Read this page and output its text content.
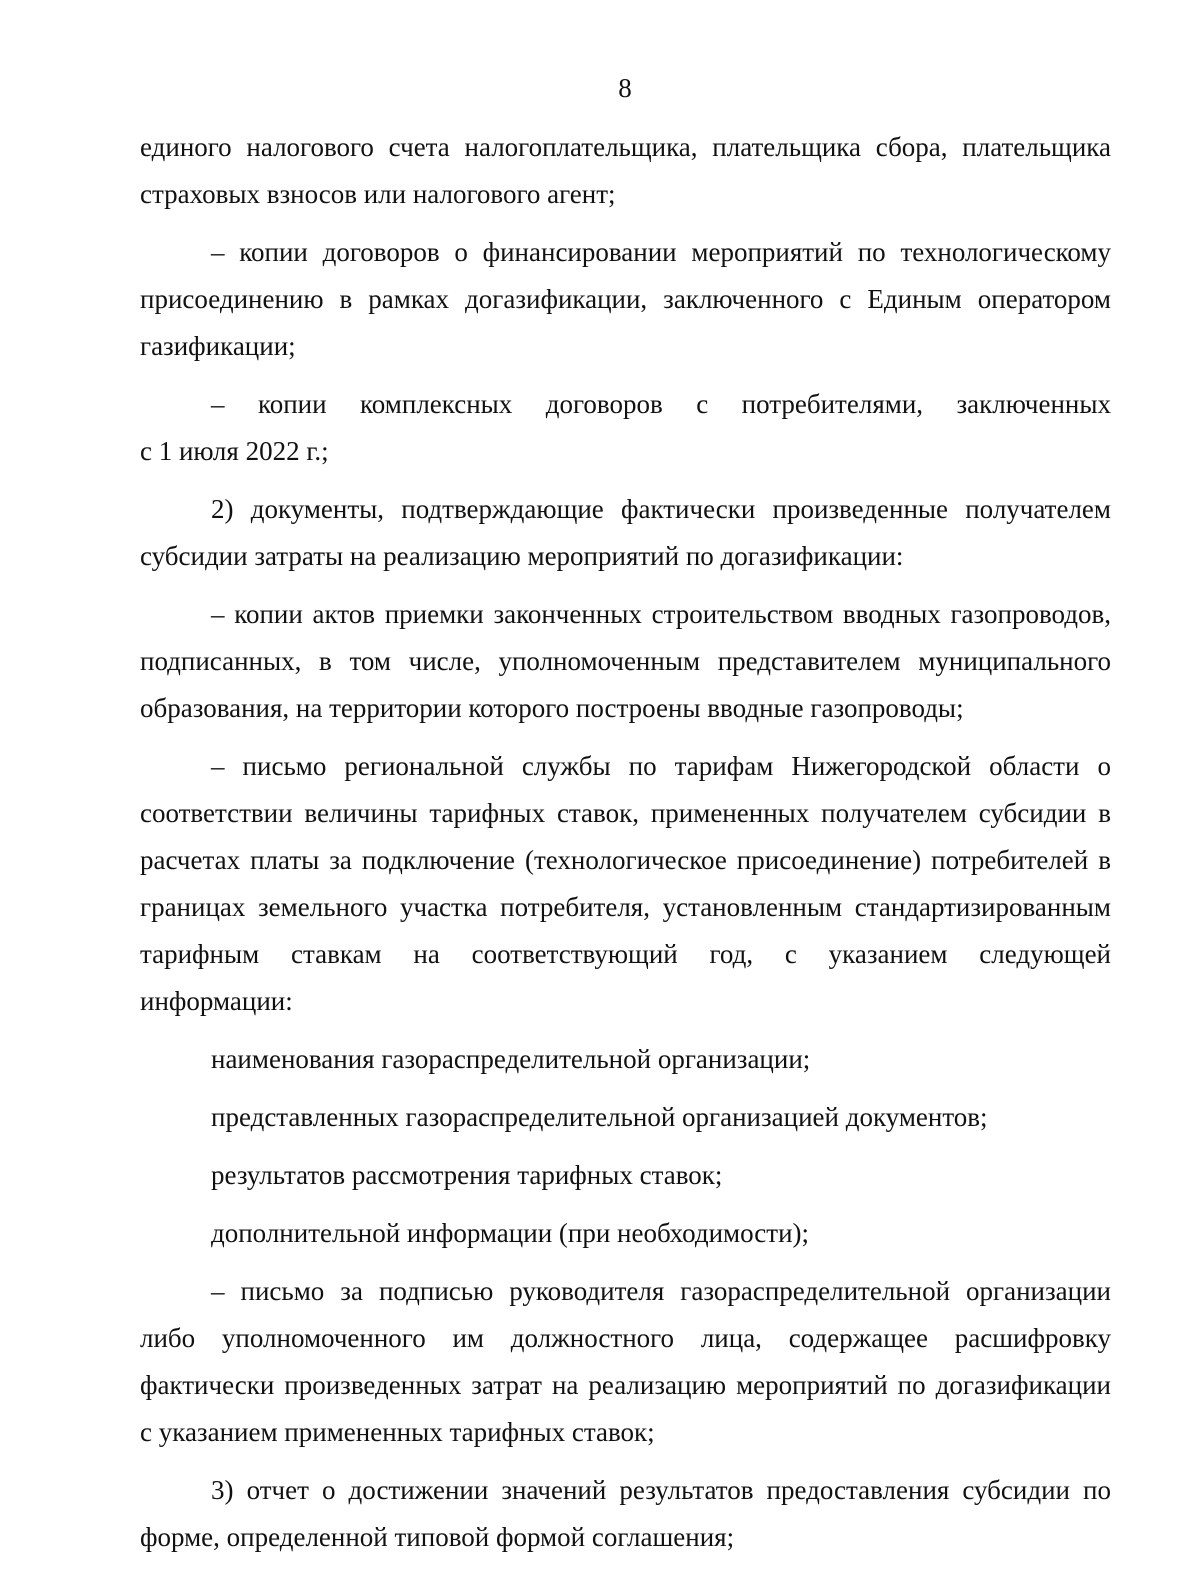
8
единого налогового счета налогоплательщика, плательщика сбора, плательщика
страховых взносов или налогового агент;
– копии договоров о финансировании мероприятий по технологическому
присоединению в рамках догазификации, заключенного с Единым оператором
газификации;
– копии комплексных договоров с потребителями, заключенных
с 1 июля 2022 г.;
2) документы, подтверждающие фактически произведенные получателем
субсидии затраты на реализацию мероприятий по догазификации:
– копии актов приемки законченных строительством вводных газопроводов,
подписанных, в том числе, уполномоченным представителем муниципального
образования, на территории которого построены вводные газопроводы;
– письмо региональной службы по тарифам Нижегородской области о
соответствии величины тарифных ставок, примененных получателем субсидии в
расчетах платы за подключение (технологическое присоединение) потребителей в
границах земельного участка потребителя, установленным стандартизированным
тарифным ставкам на соответствующий год, с указанием следующей
информации:
наименования газораспределительной организации;
представленных газораспределительной организацией документов;
результатов рассмотрения тарифных ставок;
дополнительной информации (при необходимости);
– письмо за подписью руководителя газораспределительной организации
либо уполномоченного им должностного лица, содержащее расшифровку
фактически произведенных затрат на реализацию мероприятий по догазификации
с указанием примененных тарифных ставок;
3) отчет о достижении значений результатов предоставления субсидии по
форме, определенной типовой формой соглашения;
